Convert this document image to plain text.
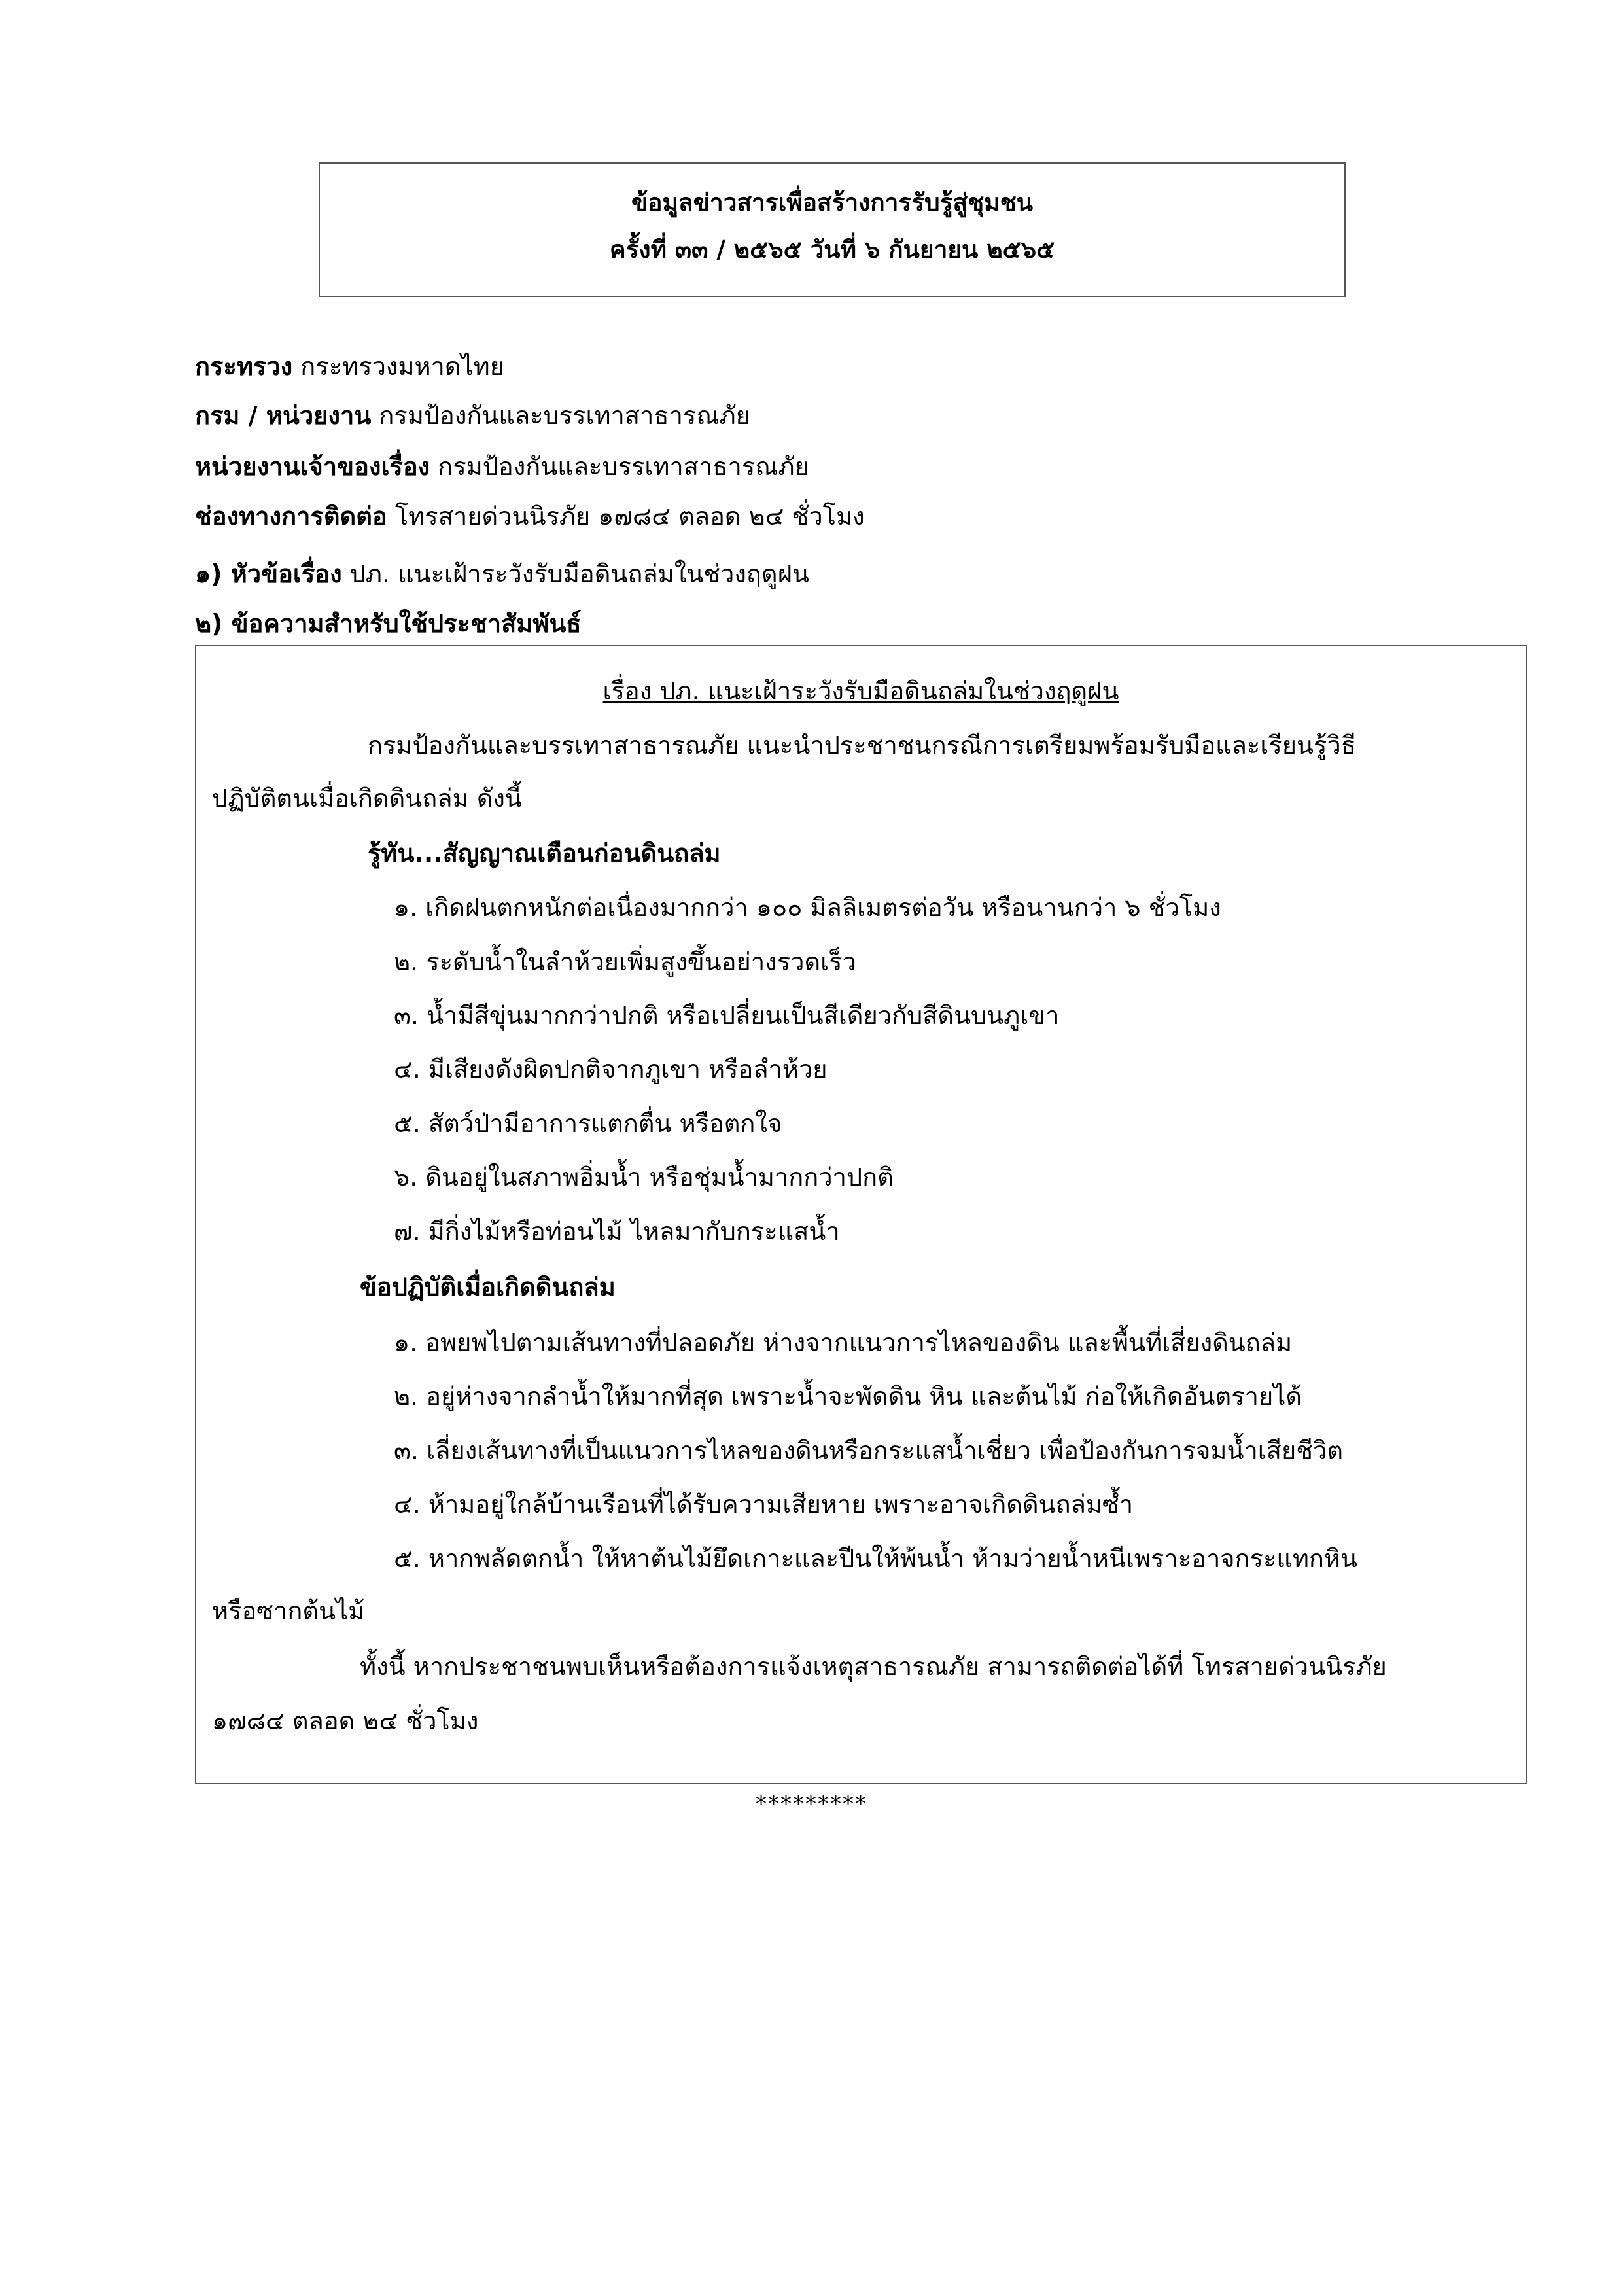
ข้อมูลข่าวสารเพื่อสร้างการรับรู้สู่ชุมชน
ครั้งที่ ๓๓ / ๒๕๖๕ วันที่ ๖ กันยายน ๒๕๖๕
กระทรวง กระทรวงมหาดไทย
กรม / หน่วยงาน กรมป้องกันและบรรเทาสาธารณภัย
หน่วยงานเจ้าของเรื่อง กรมป้องกันและบรรเทาสาธารณภัย
ช่องทางการติดต่อ โทรสายด่วนนิรภัย ๑๗๘๔ ตลอด ๒๔ ชั่วโมง
๑) หัวข้อเรื่อง ปภ. แนะเฝ้าระวังรับมือดินถล่มในช่วงฤดูฝน
๒) ข้อความสำหรับใช้ประชาสัมพันธ์
เรื่อง ปภ. แนะเฝ้าระวังรับมือดินถล่มในช่วงฤดูฝน
กรมป้องกันและบรรเทาสาธารณภัย แนะนำประชาชนกรณีการเตรียมพร้อมรับมือและเรียนรู้วิธี
ปฏิบัติตนเมื่อเกิดดินถล่ม ดังนี้
รู้ทัน...สัญญาณเตือนก่อนดินถล่ม
๑. เกิดฝนตกหนักต่อเนื่องมากกว่า ๑๐๐ มิลลิเมตรต่อวัน หรือนานกว่า ๖ ชั่วโมง
๒. ระดับน้ำในลำห้วยเพิ่มสูงขึ้นอย่างรวดเร็ว
๓. น้ำมีสีขุ่นมากกว่าปกติ หรือเปลี่ยนเป็นสีเดียวกับสีดินบนภูเขา
๔. มีเสียงดังผิดปกติจากภูเขา หรือลำห้วย
๕. สัตว์ป่ามีอาการแตกตื่น หรือตกใจ
๖. ดินอยู่ในสภาพอิ่มน้ำ หรือชุ่มน้ำมากกว่าปกติ
๗. มีกิ่งไม้หรือท่อนไม้ ไหลมากับกระแสน้ำ
ข้อปฏิบัติเมื่อเกิดดินถล่ม
๑. อพยพไปตามเส้นทางที่ปลอดภัย ห่างจากแนวการไหลของดิน และพื้นที่เสี่ยงดินถล่ม
๒. อยู่ห่างจากลำน้ำให้มากที่สุด เพราะน้ำจะพัดดิน หิน และต้นไม้ ก่อให้เกิดอันตรายได้
๓. เลี่ยงเส้นทางที่เป็นแนวการไหลของดินหรือกระแสน้ำเชี่ยว เพื่อป้องกันการจมน้ำเสียชีวิต
๔. ห้ามอยู่ใกล้บ้านเรือนที่ได้รับความเสียหาย เพราะอาจเกิดดินถล่มซ้ำ
๕. หากพลัดตกน้ำ ให้หาต้นไม้ยึดเกาะและปีนให้พ้นน้ำ ห้ามว่ายน้ำหนีเพราะอาจกระแทกหิน
หรือซากต้นไม้
ทั้งนี้ หากประชาชนพบเห็นหรือต้องการแจ้งเหตุสาธารณภัย สามารถติดต่อได้ที่ โทรสายด่วนนิรภัย
๑๗๘๔ ตลอด ๒๔ ชั่วโมง
*********
